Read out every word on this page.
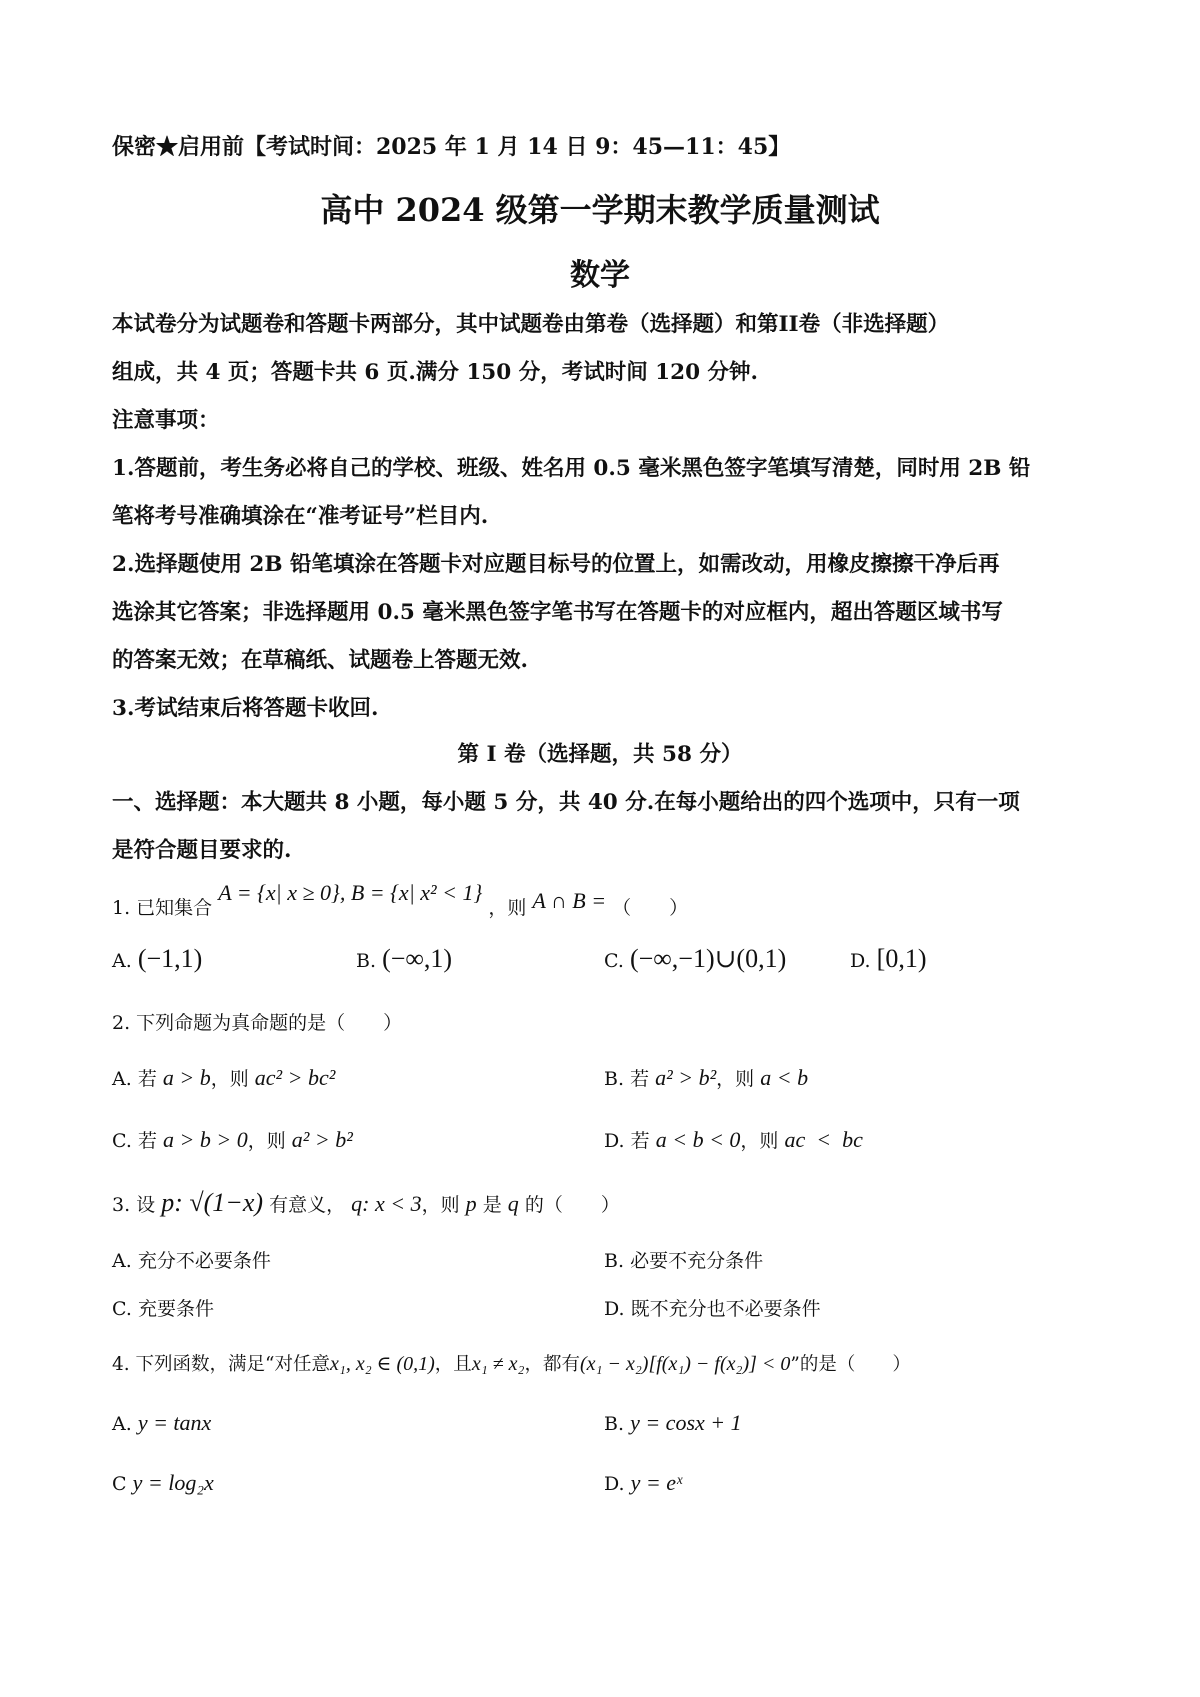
保密★启用前【考试时间：2025 年 1 月 14 日 9：45—11：45】
高中 2024 级第一学期末教学质量测试
数学
本试卷分为试题卷和答题卡两部分，其中试题卷由第卷（选择题）和第II卷（非选择题）
组成，共 4 页；答题卡共 6 页.满分 150 分，考试时间 120 分钟.
注意事项：
1.答题前，考生务必将自己的学校、班级、姓名用 0.5 毫米黑色签字笔填写清楚，同时用 2B 铅
笔将考号准确填涂在“准考证号”栏目内.
2.选择题使用 2B 铅笔填涂在答题卡对应题目标号的位置上，如需改动，用橡皮擦擦干净后再
选涂其它答案；非选择题用 0.5 毫米黑色签字笔书写在答题卡的对应框内，超出答题区域书写
的答案无效；在草稿纸、试题卷上答题无效.
3.考试结束后将答题卡收回.
第 I 卷（选择题，共 58 分）
一、选择题：本大题共 8 小题，每小题 5 分，共 40 分.在每小题给出的四个选项中，只有一项
是符合题目要求的.
1. 已知集合 A = {x| x ≥ 0}, B = {x| x² < 1} ，则 A ∩ B = （　　）
A. (−1,1)	B. (−∞,1)	C. (−∞,−1)∪(0,1)	D. [0,1)
2. 下列命题为真命题的是（　　）
A. 若 a > b，则 ac² > bc²	B. 若 a² > b²，则 a < b
C. 若 a > b > 0，则 a² > b²	D. 若 a < b < 0，则 ac  <  bc
3. 设 p: √(1−x) 有意义， q: x < 3，则 p 是 q 的（　　）
A. 充分不必要条件	B. 必要不充分条件
C. 充要条件	D. 既不充分也不必要条件
4. 下列函数，满足“对任意x₁, x₂ ∈ (0,1)，且x₁ ≠ x₂，都有(x₁ − x₂)[f(x₁) − f(x₂)] < 0”的是（　　）
A. y = tanx	B. y = cosx + 1
C y = log₂x	D. y = eˣ
